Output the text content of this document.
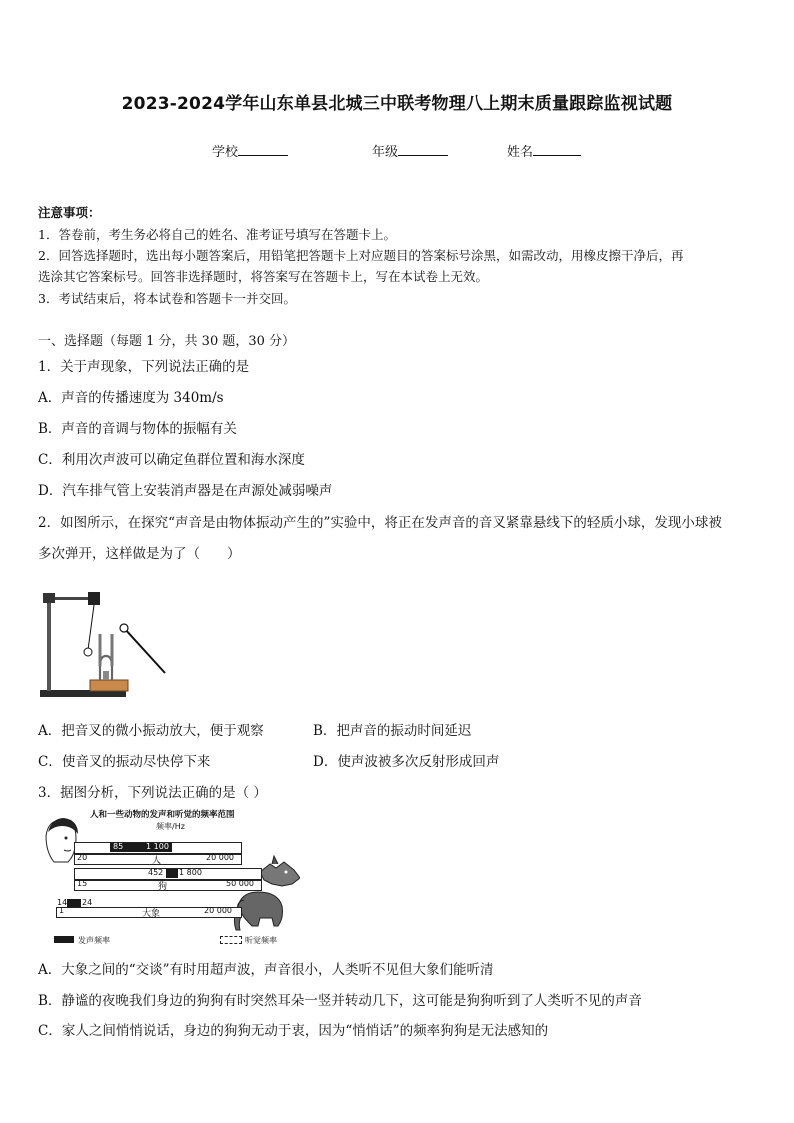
2023-2024学年山东单县北城三中联考物理八上期末质量跟踪监视试题
学校	年级	姓名
注意事项：
1．答卷前，考生务必将自己的姓名、准考证号填写在答题卡上。
2．回答选择题时，选出每小题答案后，用铅笔把答题卡上对应题目的答案标号涂黑，如需改动，用橡皮擦干净后，再
选涂其它答案标号。回答非选择题时，将答案写在答题卡上，写在本试卷上无效。
3．考试结束后，将本试卷和答题卡一并交回。
一、选择题（每题 1 分，共 30 题，30 分）
1．关于声现象，下列说法正确的是
A．声音的传播速度为 340m/s
B．声音的音调与物体的振幅有关
C．利用次声波可以确定鱼群位置和海水深度
D．汽车排气管上安装消声器是在声源处减弱噪声
2．如图所示，在探究“声音是由物体振动产生的”实验中，将正在发声音的音叉紧靠悬线下的轻质小球，发现小球被
多次弹开，这样做是为了（　　）
A．把音叉的微小振动放大，便于观察	B．把声音的振动时间延迟
C．使音叉的振动尽快停下来	D．使声波被多次反射形成回声
3．据图分析，下列说法正确的是（ ）
人和一些动物的发声和听觉的频率范围
频率/Hz
85	1 100
20	人	20 000
452 1 800
15	狗	50 000
14 24
1	大象	20 000
发声频率	听觉频率
A．大象之间的“交谈”有时用超声波，声音很小，人类听不见但大象们能听清
B．静谧的夜晚我们身边的狗狗有时突然耳朵一竖并转动几下，这可能是狗狗听到了人类听不见的声音
C．家人之间悄悄说话，身边的狗狗无动于衷，因为“悄悄话”的频率狗狗是无法感知的
